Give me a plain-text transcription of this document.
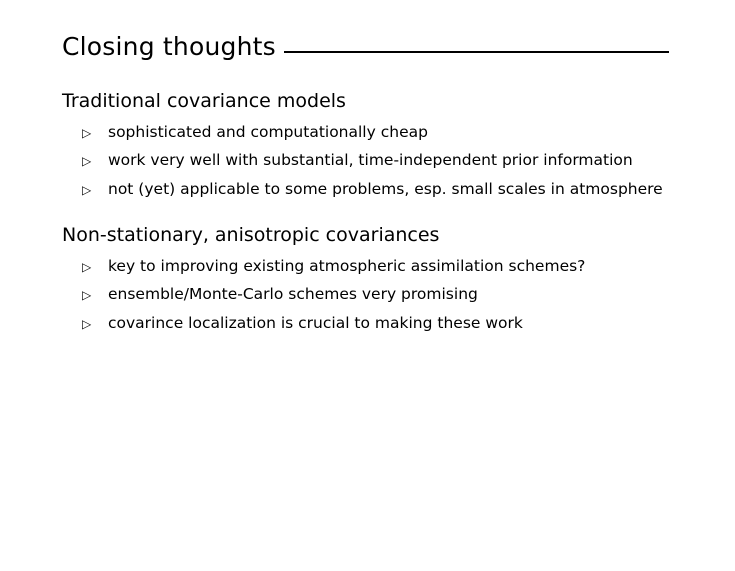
Closing thoughts
Traditional covariance models
▷	sophisticated and computationally cheap
▷	work very well with substantial, time-independent prior information
▷	not (yet) applicable to some problems, esp. small scales in atmosphere
Non-stationary, anisotropic covariances
▷	key to improving existing atmospheric assimilation schemes?
▷	ensemble/Monte-Carlo schemes very promising
▷	covarince localization is crucial to making these work
